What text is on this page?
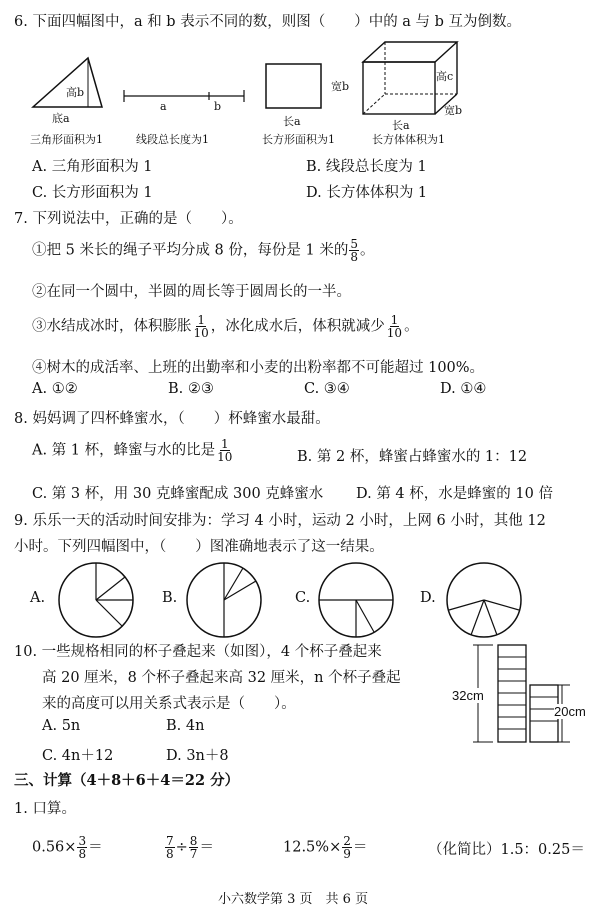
6. 下面四幅图中，a 和 b 表示不同的数，则图（　　）中的 a 与 b 互为倒数。
高b
底a
a	b
宽b
长a
高c
宽b
长a
三角形面积为1	线段总长度为1	长方形面积为1	长方体体积为1
A. 三角形面积为 1	B. 线段总长度为 1
C. 长方形面积为 1	D. 长方体体积为 1
7. 下列说法中，正确的是（　　）。
①把 5 米长的绳子平均分成 8 份，每份是 1 米的 $\frac{5}{8}$ 。
②在同一个圆中，半圆的周长等于圆周长的一半。
③水结成冰时，体积膨胀 $\frac{1}{10}$ ，冰化成水后，体积就减少 $\frac{1}{10}$ 。
④树木的成活率、上班的出勤率和小麦的出粉率都不可能超过 100%。
A. ①②	B. ②③	C. ③④	D. ①④
8. 妈妈调了四杯蜂蜜水，（　　）杯蜂蜜水最甜。
A. 第 1 杯，蜂蜜与水的比是 $\frac{1}{10}$	B. 第 2 杯，蜂蜜占蜂蜜水的 1：12
C. 第 3 杯，用 30 克蜂蜜配成 300 克蜂蜜水 D. 第 4 杯，水是蜂蜜的 10 倍
9. 乐乐一天的活动时间安排为：学习 4 小时，运动 2 小时，上网 6 小时，其他 12
小时。下列四幅图中，（　　）图准确地表示了这一结果。
A.	B.	C.	D.
10. 一些规格相同的杯子叠起来（如图），4 个杯子叠起来
高 20 厘米，8 个杯子叠起来高 32 厘米，n 个杯子叠起
来的高度可以用关系式表示是（　　）。
A. 5n	B. 4n
C. 4n＋12	D. 3n＋8
32cm
20cm
三、计算（4＋8＋6＋4＝22 分）
1. 口算。
$0.56\times \frac{3}{8}$ ＝	$\frac{7}{8} \div \frac{8}{7}$ ＝	$12.5\%\times \frac{2}{9}$ ＝	（化简比）1.5：0.25＝
小六数学第 3 页　共 6 页
